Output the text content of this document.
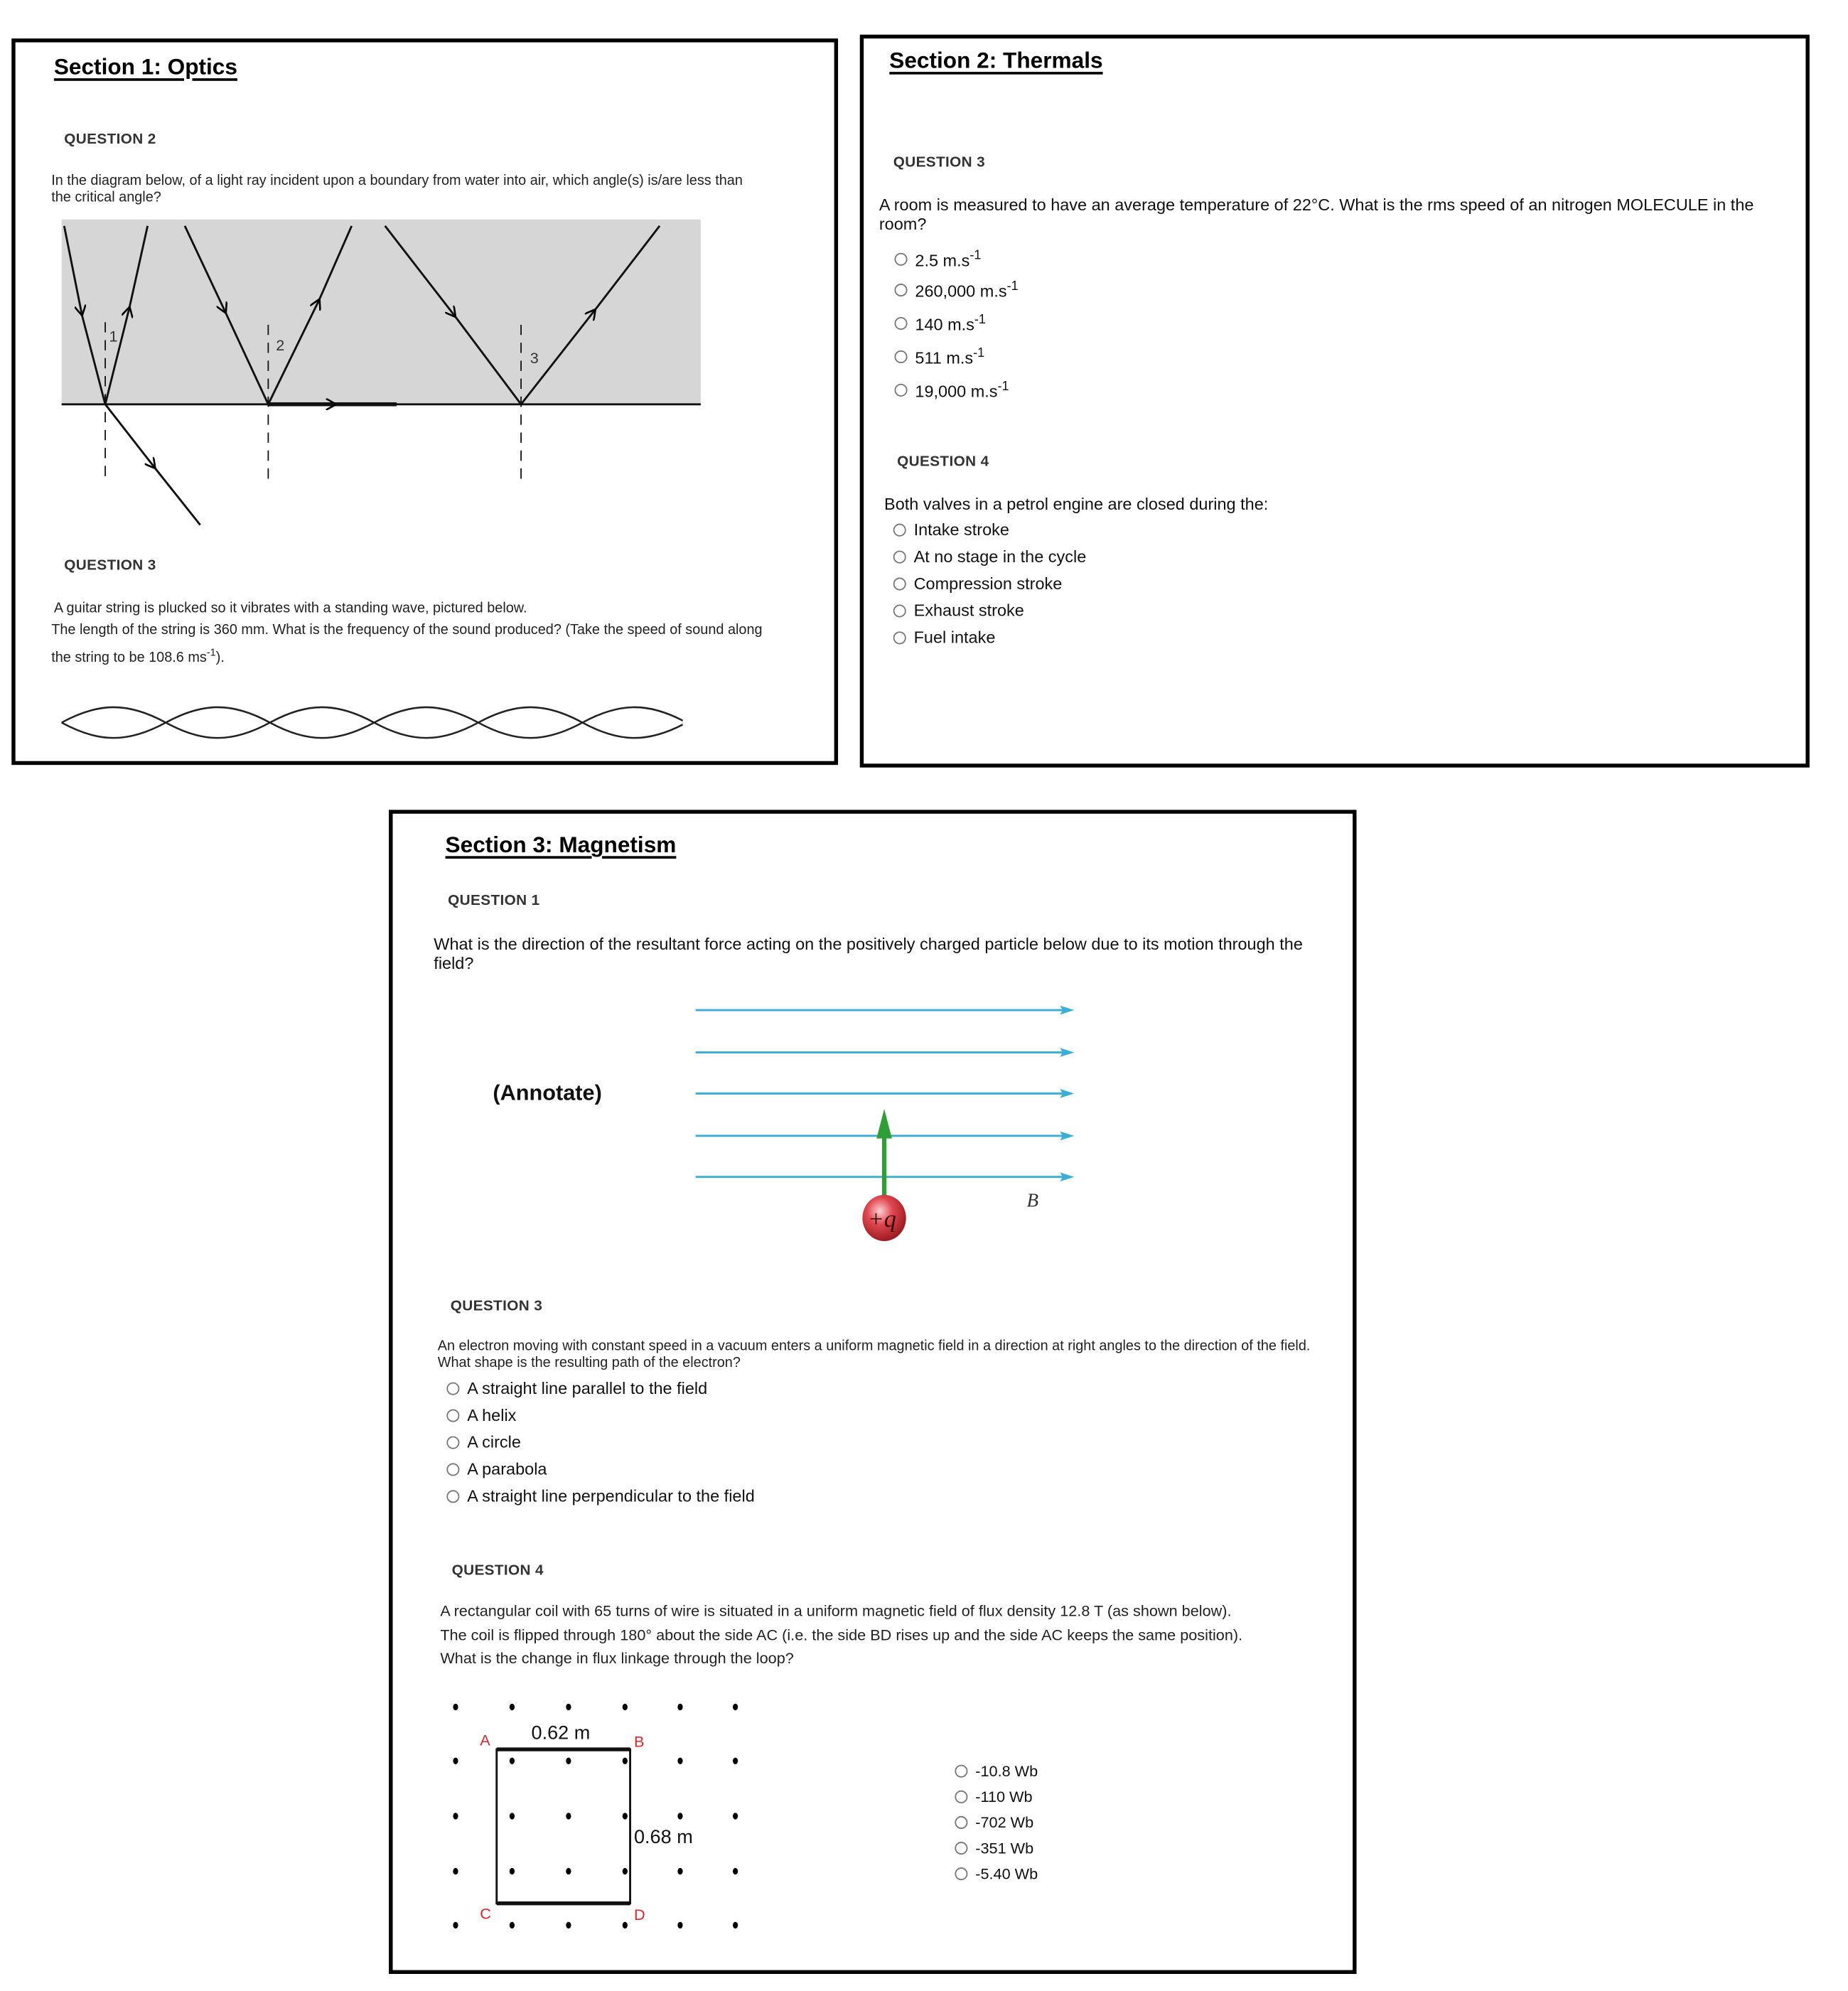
Section 1: Optics
QUESTION 2
In the diagram below, of a light ray incident upon a boundary from water into air, which angle(s) is/are less than
the critical angle?
1
2
3
QUESTION 3
A guitar string is plucked so it vibrates with a standing wave, pictured below.
The length of the string is 360 mm. What is the frequency of the sound produced? (Take the speed of sound along
the string to be 108.6 $ms^{-1}$).
Section 2: Thermals
QUESTION 3
A room is measured to have an average temperature of 22°C. What is the rms speed of an nitrogen MOLECULE in the
room?
2.5 $m.s^{-1}$
260,000 $m.s^{-1}$
140 $m.s^{-1}$
511 $m.s^{-1}$
19,000 $m.s^{-1}$
QUESTION 4
Both valves in a petrol engine are closed during the:
Intake stroke
At no stage in the cycle
Compression stroke
Exhaust stroke
Fuel intake
Section 3: Magnetism
QUESTION 1
What is the direction of the resultant force acting on the positively charged particle below due to its motion through the
field?
(Annotate)
+q
B
QUESTION 3
An electron moving with constant speed in a vacuum enters a uniform magnetic field in a direction at right angles to the direction of the field.
What shape is the resulting path of the electron?
A straight line parallel to the field
A helix
A circle
A parabola
A straight line perpendicular to the field
QUESTION 4
A rectangular coil with 65 turns of wire is situated in a uniform magnetic field of flux density 12.8 T (as shown below).
The coil is flipped through 180° about the side AC (i.e. the side BD rises up and the side AC keeps the same position).
What is the change in flux linkage through the loop?
0.62 m
0.68 m
A	B
C	D
-10.8 Wb
-110 Wb
-702 Wb
-351 Wb
-5.40 Wb
